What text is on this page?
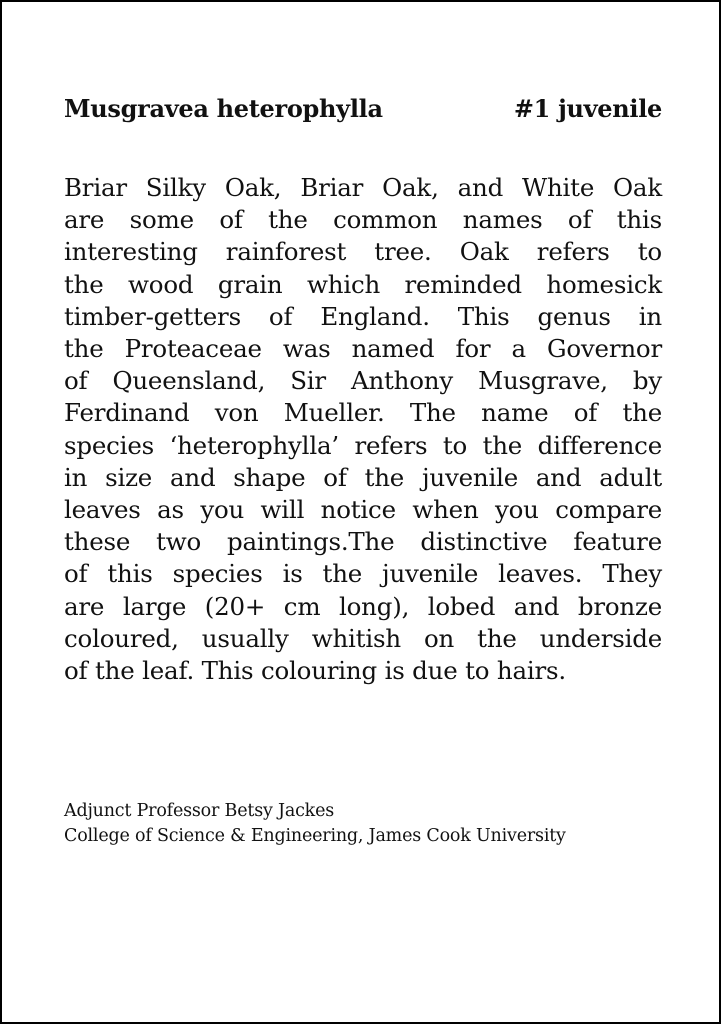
Musgravea heterophylla	#1 juvenile

Briar Silky Oak, Briar Oak, and White Oak
are some of the common names of this
interesting rainforest tree. Oak refers to
the wood grain which reminded homesick
timber-getters of England. This genus in
the Proteaceae was named for a Governor
of Queensland, Sir Anthony Musgrave, by
Ferdinand von Mueller. The name of the
species ‘heterophylla’ refers to the difference
in size and shape of the juvenile and adult
leaves as you will notice when you compare
these two paintings.The distinctive feature
of this species is the juvenile leaves. They
are large (20+ cm long), lobed and bronze
coloured, usually whitish on the underside
of the leaf. This colouring is due to hairs.

Adjunct Professor Betsy Jackes
College of Science & Engineering, James Cook University
